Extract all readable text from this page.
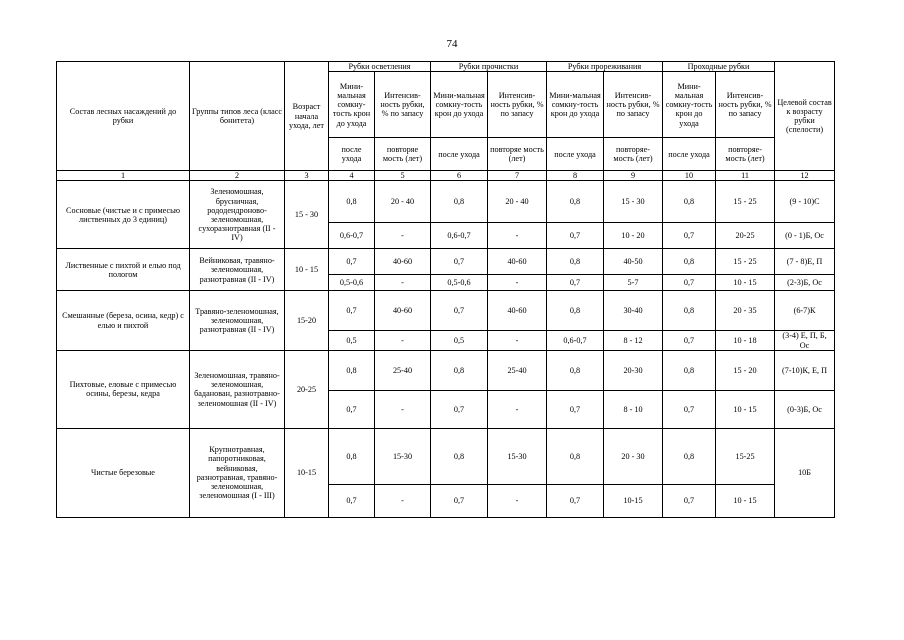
74
Состав лесных насаждений до рубки	Группы типов леса (класс бонитета)	Возраст начала ухода, лет	Рубки осветления		Рубки прочистки		Рубки прореживания		Проходные рубки		Целевой состав к возрасту рубки (спелости)
			Мини-мальная сомкну-тость крон до ухода	Интенсив-ность рубки, % по запасу	Мини-мальная сомкну-тость крон до ухода	Интенсив-ность рубки, % по запасу	Мини-мальная сомкну-тость крон до ухода	Интенсив-ность рубки, % по запасу	Мини-мальная сомкну-тость крон до ухода	Интенсив-ность рубки, % по запасу	
			после ухода	повторяе мость (лет)	после ухода	повторяе мость (лет)	после ухода	повторяе-мость (лет)	после ухода	повторяе-мость (лет)	
1	2	3	4	5	6	7	8	9	10	11	12
Сосновые (чистые и с примесью лиственных до 3 единиц)	Зеленомошная, брусничная, рододендроново-зеленомошная, сухоразнотравная (II - IV)	15 - 30	0,8	20 - 40	0,8	20 - 40	0,8	15 - 30	0,8	15 - 25	(9 - 10)С
			0,6-0,7	-	0,6-0,7	-	0,7	10 - 20	0,7	20-25	(0 - 1)Б, Ос
Лиственные с пихтой и елью под пологом	Вейниковая, травяно-зеленомошная, разнотравная (II - IV)	10 - 15	0,7	40-60	0,7	40-60	0,8	40-50	0,8	15 - 25	(7 - 8)Е, П
			0,5-0,6	-	0,5-0,6	-	0,7	5-7	0,7	10 - 15	(2-3)Б, Ос
Смешанные (береза, осина, кедр) с елью и пихтой	Травяно-зеленомошная, зеленомошная, разнотравная (II - IV)	15-20	0,7	40-60	0,7	40-60	0,8	30-40	0,8	20 - 35	(6-7)К
			0,5	-	0,5	-	0,6-0,7	8 - 12	0,7	10 - 18	(3-4) Е, П, Б, Ос
Пихтовые, еловые с примесью осины, березы, кедра	Зеленомошная, травяно-зеленомошная, баданован, разнотравно-зеленомошная (II - IV)	20-25	0,8	25-40	0,8	25-40	0,8	20-30	0,8	15 - 20	(7-10)К, Е, П
			0,7	-	0,7	-	0,7	8 - 10	0,7	10 - 15	(0-3)Б, Ос
Чистые березовые	Крупнотравная, папоротниковая, вейниковая, разнотравная, травяно-зеленомошная, зеленомошная (I - III)	10-15	0,8	15-30	0,8	15-30	0,8	20 - 30	0,8	15-25	10Б
			0,7	-	0,7	-	0,7	10-15	0,7	10 - 15	
